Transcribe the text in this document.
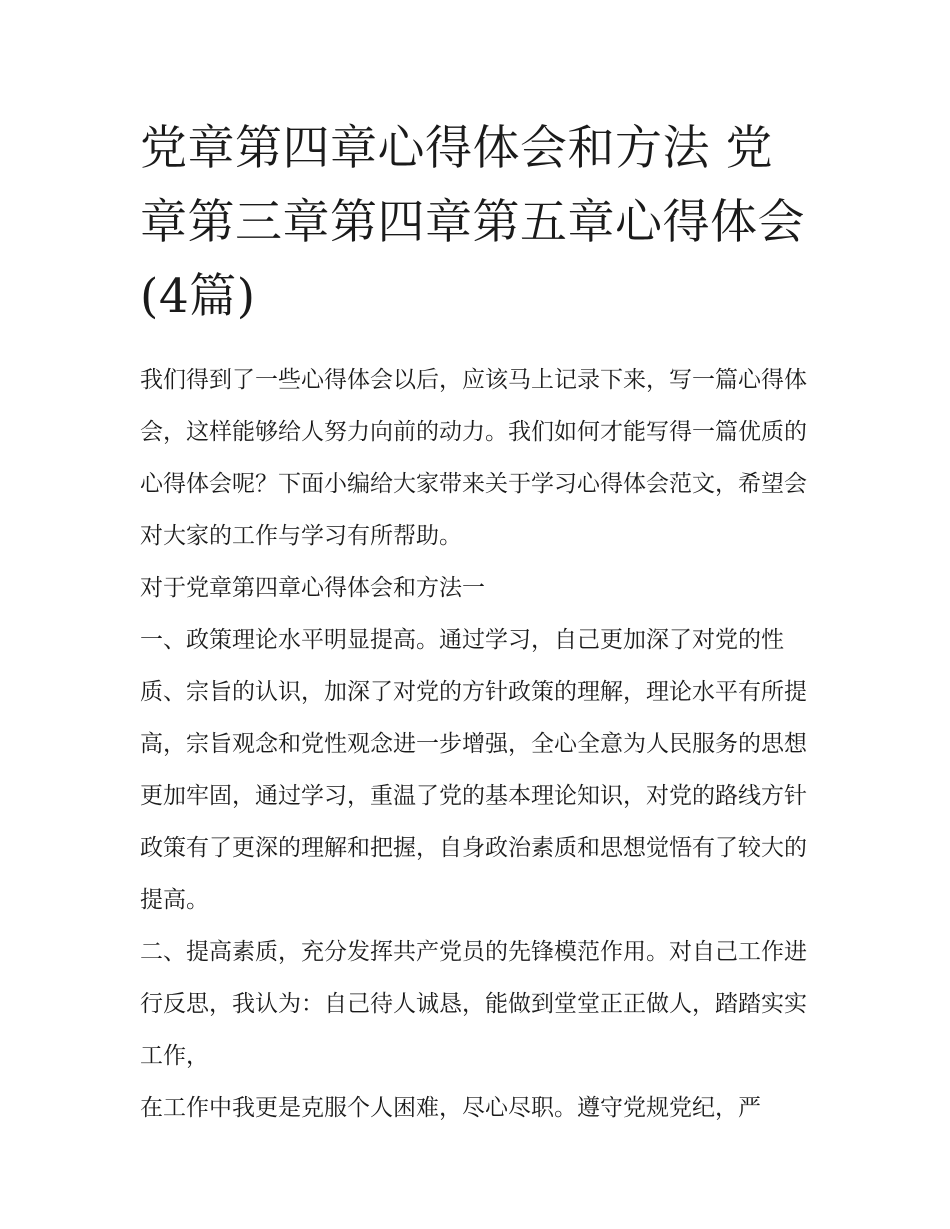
党章第四章心得体会和方法 党章第三章第四章第五章心得体会(4篇)

我们得到了一些心得体会以后，应该马上记录下来，写一篇心得体会，这样能够给人努力向前的动力。我们如何才能写得一篇优质的心得体会呢？下面小编给大家带来关于学习心得体会范文，希望会对大家的工作与学习有所帮助。

对于党章第四章心得体会和方法一

一、政策理论水平明显提高。通过学习，自己更加深了对党的性质、宗旨的认识，加深了对党的方针政策的理解，理论水平有所提高，宗旨观念和党性观念进一步增强，全心全意为人民服务的思想更加牢固，通过学习，重温了党的基本理论知识，对党的路线方针政策有了更深的理解和把握，自身政治素质和思想觉悟有了较大的提高。

二、提高素质，充分发挥共产党员的先锋模范作用。对自己工作进行反思，我认为：自己待人诚恳，能做到堂堂正正做人，踏踏实实工作，

在工作中我更是克服个人困难，尽心尽职。遵守党规党纪，严
